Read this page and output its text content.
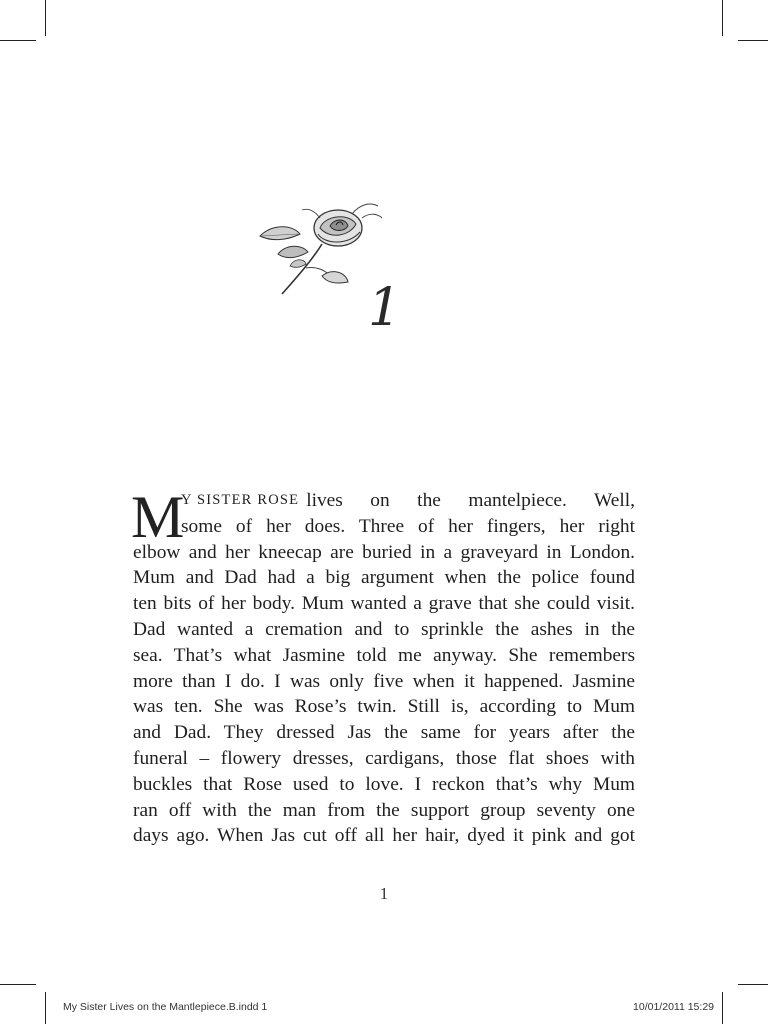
1
M
Y SISTER ROSE lives on the mantelpiece. Well,
some of her does. Three of her fingers, her right
elbow and her kneecap are buried in a graveyard in London.
Mum and Dad had a big argument when the police found
ten bits of her body. Mum wanted a grave that she could visit.
Dad wanted a cremation and to sprinkle the ashes in the
sea. That’s what Jasmine told me anyway. She remembers
more than I do. I was only five when it happened. Jasmine
was ten. She was Rose’s twin. Still is, according to Mum
and Dad. They dressed Jas the same for years after the
funeral – flowery dresses, cardigans, those flat shoes with
buckles that Rose used to love. I reckon that’s why Mum
ran off with the man from the support group seventy one
days ago. When Jas cut off all her hair, dyed it pink and got
1
My Sister Lives on the Mantlepiece.B.indd 1	10/01/2011 15:29
